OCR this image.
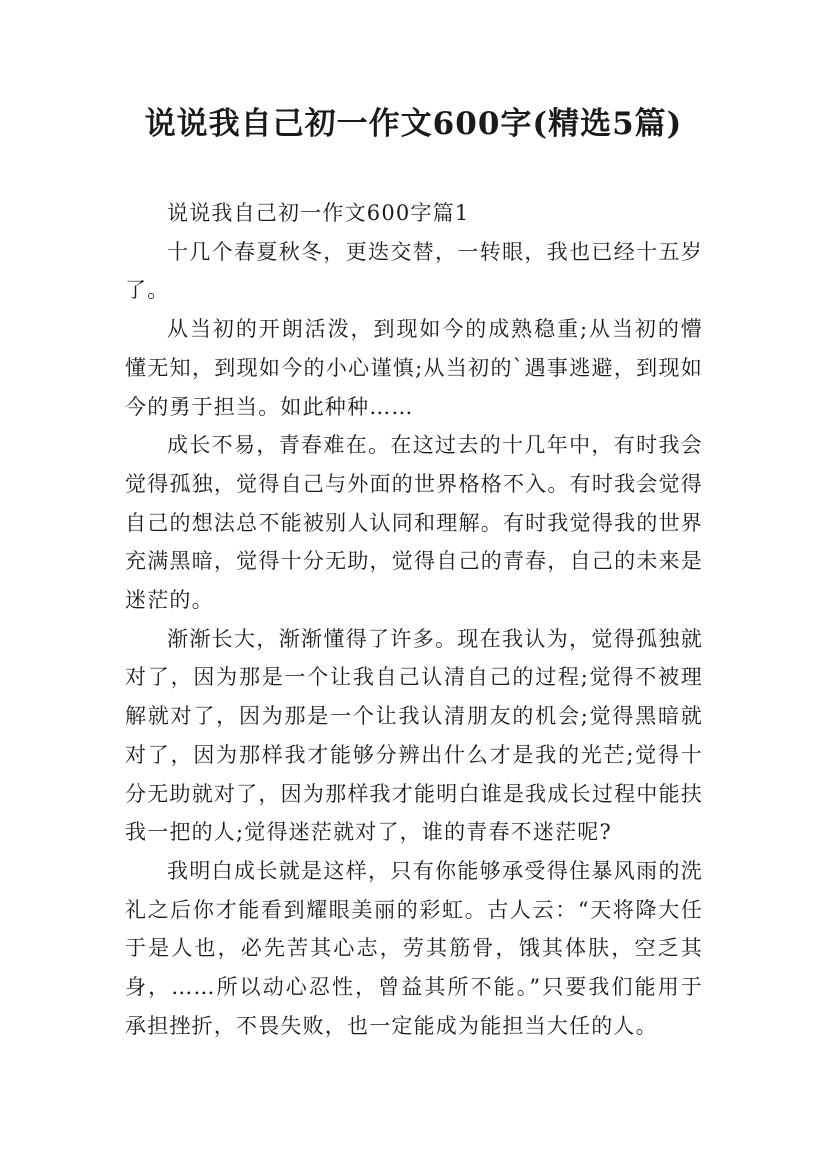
说说我自己初一作文600字(精选5篇)

说说我自己初一作文600字篇1

十几个春夏秋冬，更迭交替，一转眼，我也已经十五岁了。

从当初的开朗活泼，到现如今的成熟稳重;从当初的懵懂无知，到现如今的小心谨慎;从当初的`遇事逃避，到现如今的勇于担当。如此种种……

成长不易，青春难在。在这过去的十几年中，有时我会觉得孤独，觉得自己与外面的世界格格不入。有时我会觉得自己的想法总不能被别人认同和理解。有时我觉得我的世界充满黑暗，觉得十分无助，觉得自己的青春，自己的未来是迷茫的。

渐渐长大，渐渐懂得了许多。现在我认为，觉得孤独就对了，因为那是一个让我自己认清自己的过程;觉得不被理解就对了，因为那是一个让我认清朋友的机会;觉得黑暗就对了，因为那样我才能够分辨出什么才是我的光芒;觉得十分无助就对了，因为那样我才能明白谁是我成长过程中能扶我一把的人;觉得迷茫就对了，谁的青春不迷茫呢?

我明白成长就是这样，只有你能够承受得住暴风雨的洗礼之后你才能看到耀眼美丽的彩虹。古人云：“天将降大任于是人也，必先苦其心志，劳其筋骨，饿其体肤，空乏其身，……所以动心忍性，曾益其所不能。”只要我们能用于承担挫折，不畏失败，也一定能成为能担当大任的人。
